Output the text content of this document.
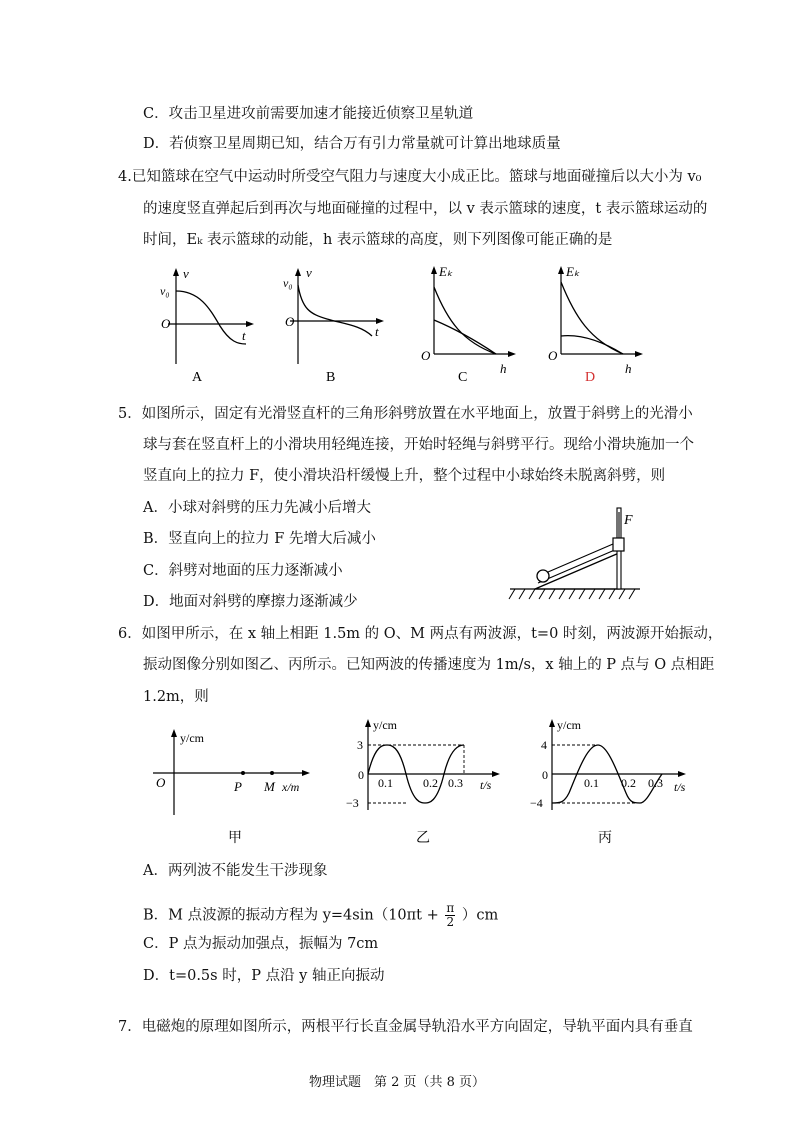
C．攻击卫星进攻前需要加速才能接近侦察卫星轨道
D．若侦察卫星周期已知，结合万有引力常量就可计算出地球质量
4.已知篮球在空气中运动时所受空气阻力与速度大小成正比。篮球与地面碰撞后以大小为 v₀
的速度竖直弹起后到再次与地面碰撞的过程中，以 v 表示篮球的速度，t 表示篮球运动的
时间，Eₖ 表示篮球的动能，h 表示篮球的高度，则下列图像可能正确的是
v
v₀
O
t
A
v
v₀
O
t
B
Eₖ
O
h
C
Eₖ
O
h
D
5．如图所示，固定有光滑竖直杆的三角形斜劈放置在水平地面上，放置于斜劈上的光滑小
球与套在竖直杆上的小滑块用轻绳连接，开始时轻绳与斜劈平行。现给小滑块施加一个
竖直向上的拉力 F，使小滑块沿杆缓慢上升，整个过程中小球始终未脱离斜劈，则
A．小球对斜劈的压力先减小后增大
B．竖直向上的拉力 F 先增大后减小
C．斜劈对地面的压力逐渐减小
D．地面对斜劈的摩擦力逐渐减少
F
6．如图甲所示，在 x 轴上相距 1.5m 的 O、M 两点有两波源，t=0 时刻，两波源开始振动，
振动图像分别如图乙、丙所示。已知两波的传播速度为 1m/s，x 轴上的 P 点与 O 点相距
1.2m，则
y/cm
O	P M x/m
甲
y/cm
3
0
−3
0.1	0.2 0.3 t/s
乙
y/cm
4
0
−4
0.1 0.2 0.3 t/s
丙
A．两列波不能发生干涉现象
B．M 点波源的振动方程为 $y=4\sin(10\pi t + \frac{\pi}{2} )cm$
C．P 点为振动加强点，振幅为 7cm
D．t=0.5s 时，P 点沿 y 轴正向振动
7．电磁炮的原理如图所示，两根平行长直金属导轨沿水平方向固定，导轨平面内具有垂直
物理试题　第 2 页（共 8 页）
